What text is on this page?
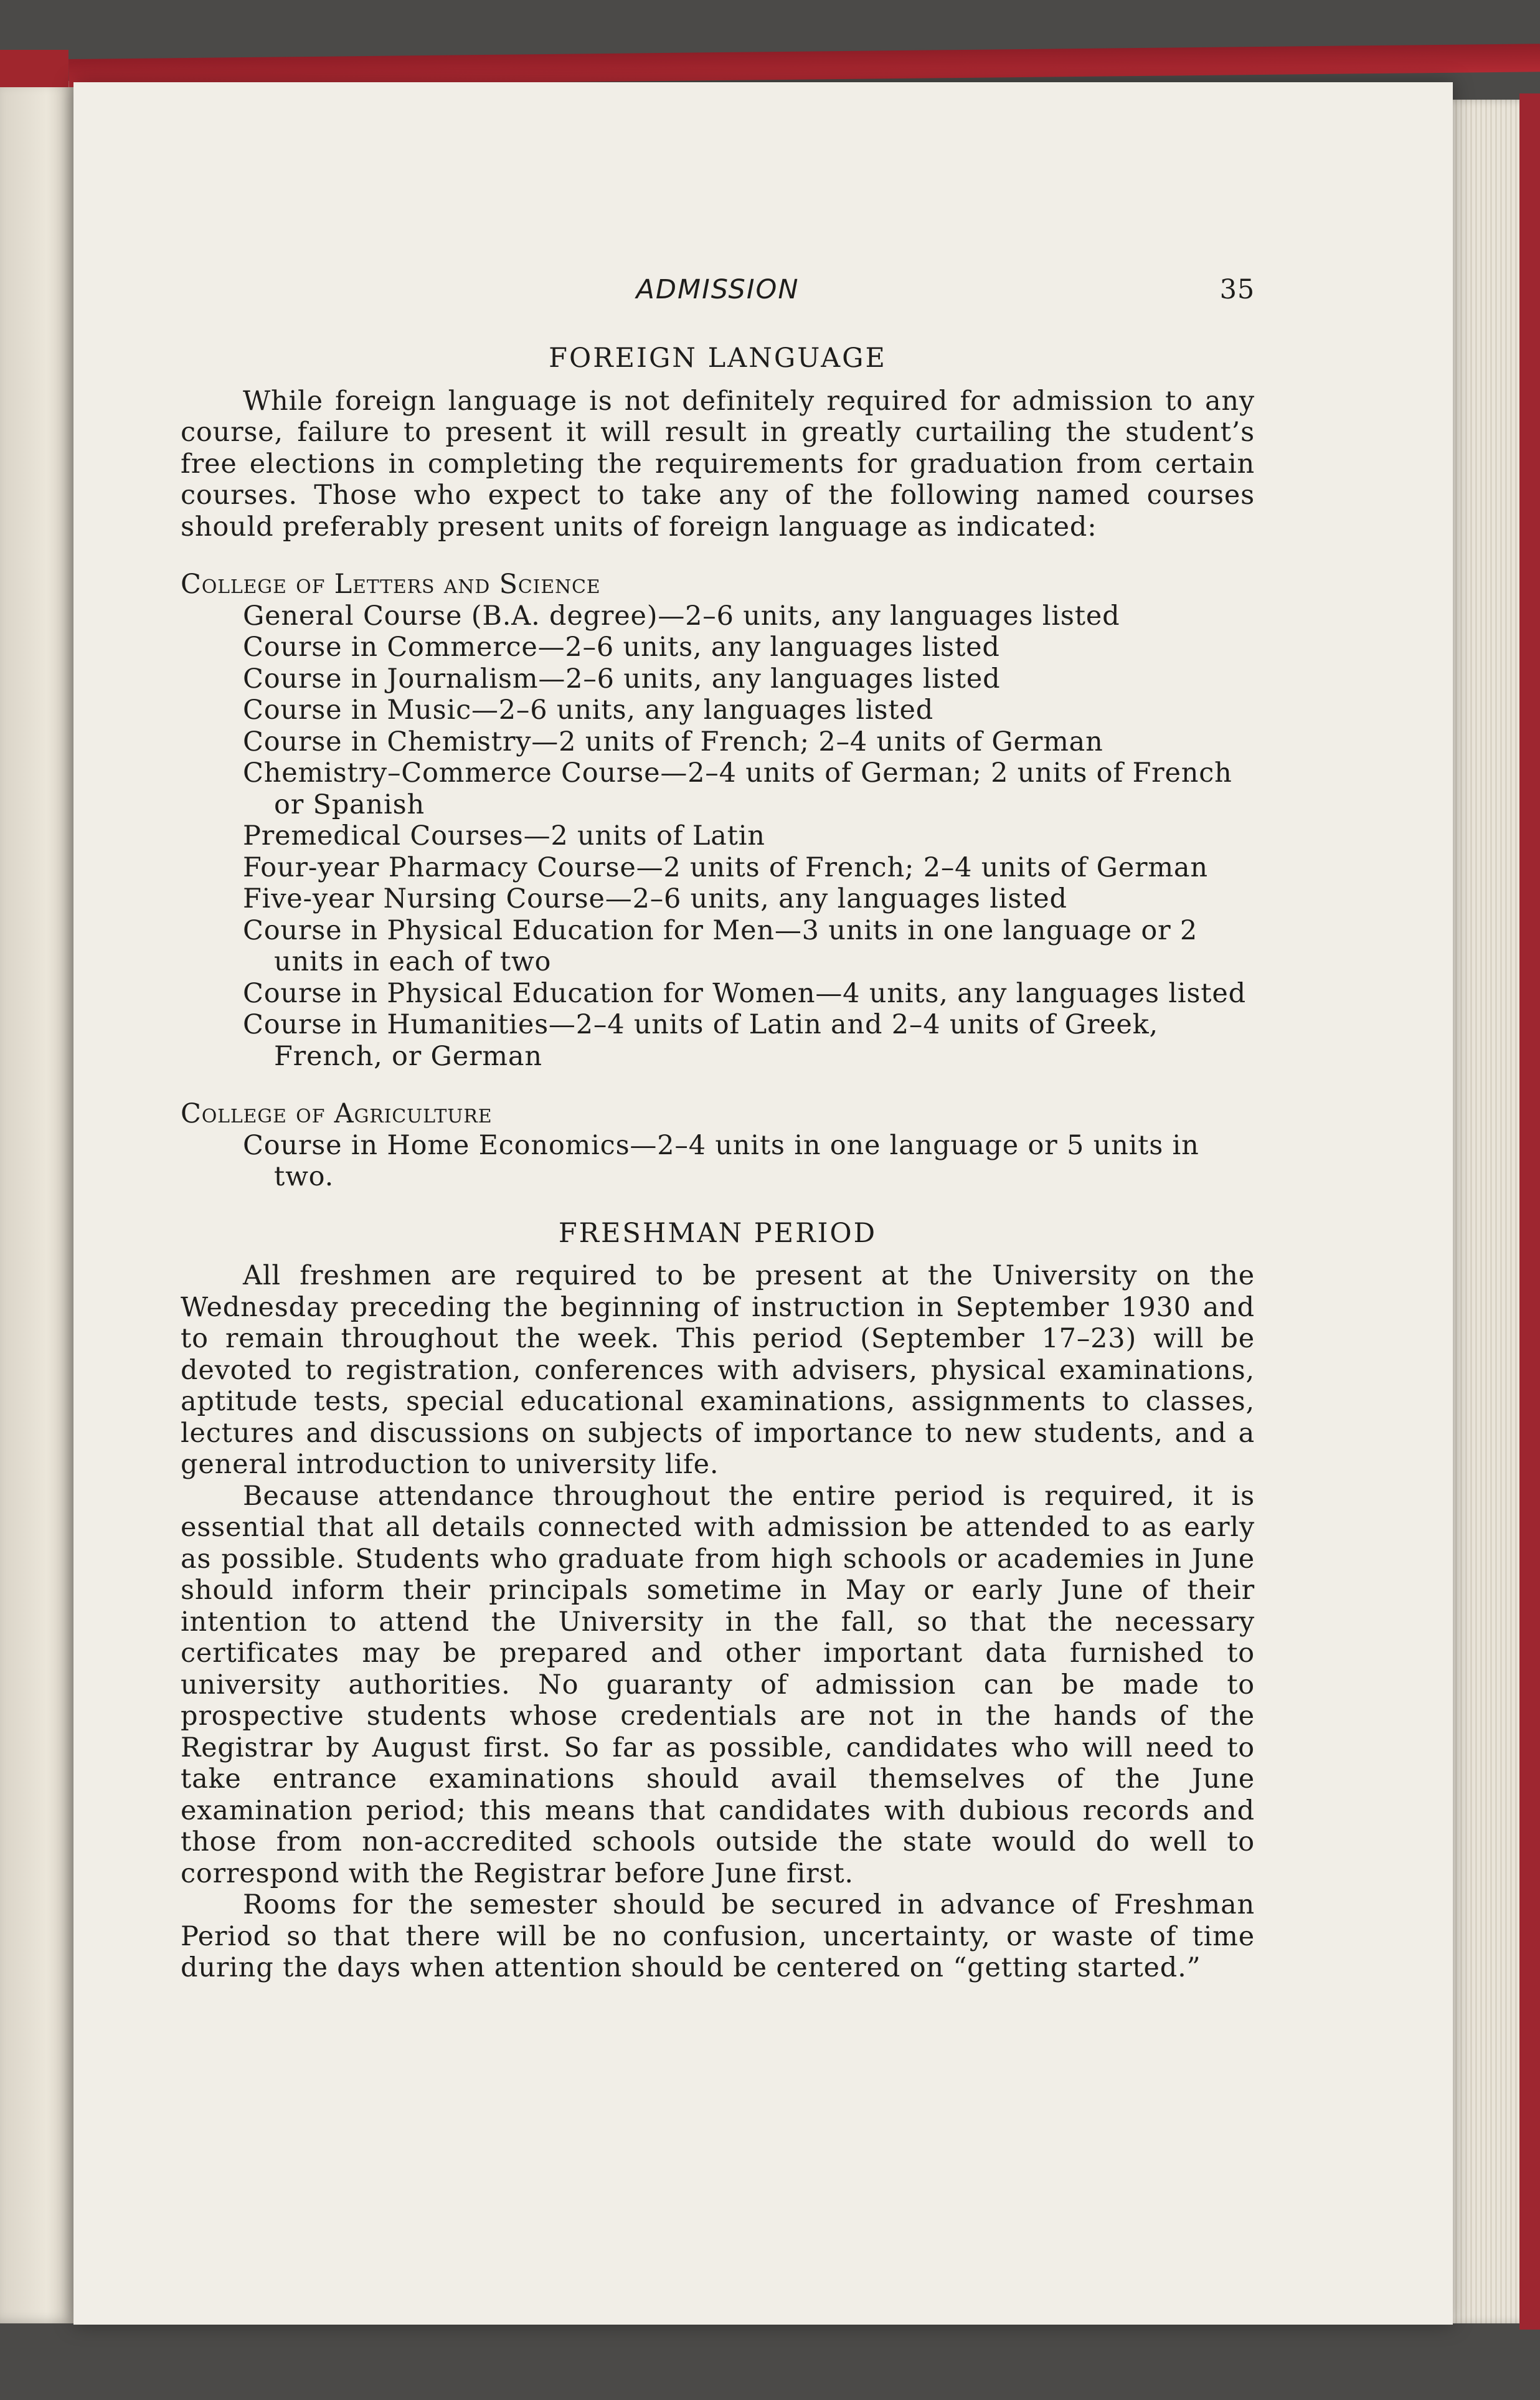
ADMISSION	35
FOREIGN LANGUAGE

While foreign language is not definitely required for admission to any course, failure to present it will result in greatly curtailing the student’s free elections in completing the requirements for graduation from certain courses. Those who expect to take any of the following named courses should preferably present units of foreign language as indicated:

College of Letters and Science
General Course (B.A. degree)—2–6 units, any languages listed
Course in Commerce—2–6 units, any languages listed
Course in Journalism—2–6 units, any languages listed
Course in Music—2–6 units, any languages listed
Course in Chemistry—2 units of French; 2–4 units of German
Chemistry–Commerce Course—2–4 units of German; 2 units of French or Spanish
Premedical Courses—2 units of Latin
Four-year Pharmacy Course—2 units of French; 2–4 units of German
Five-year Nursing Course—2–6 units, any languages listed
Course in Physical Education for Men—3 units in one language or 2 units in each of two
Course in Physical Education for Women—4 units, any languages listed
Course in Humanities—2–4 units of Latin and 2–4 units of Greek, French, or German
College of Agriculture
Course in Home Economics—2–4 units in one language or 5 units in two.
FRESHMAN PERIOD

All freshmen are required to be present at the University on the Wednesday preceding the beginning of instruction in September 1930 and to remain throughout the week. This period (September 17–23) will be devoted to registration, conferences with advisers, physical examinations, aptitude tests, special educational examinations, assignments to classes, lectures and discussions on subjects of importance to new students, and a general introduction to university life.

Because attendance throughout the entire period is required, it is essential that all details connected with admission be attended to as early as possible. Students who graduate from high schools or academies in June should inform their principals sometime in May or early June of their intention to attend the University in the fall, so that the necessary certificates may be prepared and other important data furnished to university authorities. No guaranty of admission can be made to prospective students whose credentials are not in the hands of the Registrar by August first. So far as possible, candidates who will need to take entrance examinations should avail themselves of the June examination period; this means that candidates with dubious records and those from non-accredited schools outside the state would do well to correspond with the Registrar before June first.

Rooms for the semester should be secured in advance of Freshman Period so that there will be no confusion, uncertainty, or waste of time during the days when attention should be centered on “getting started.”
